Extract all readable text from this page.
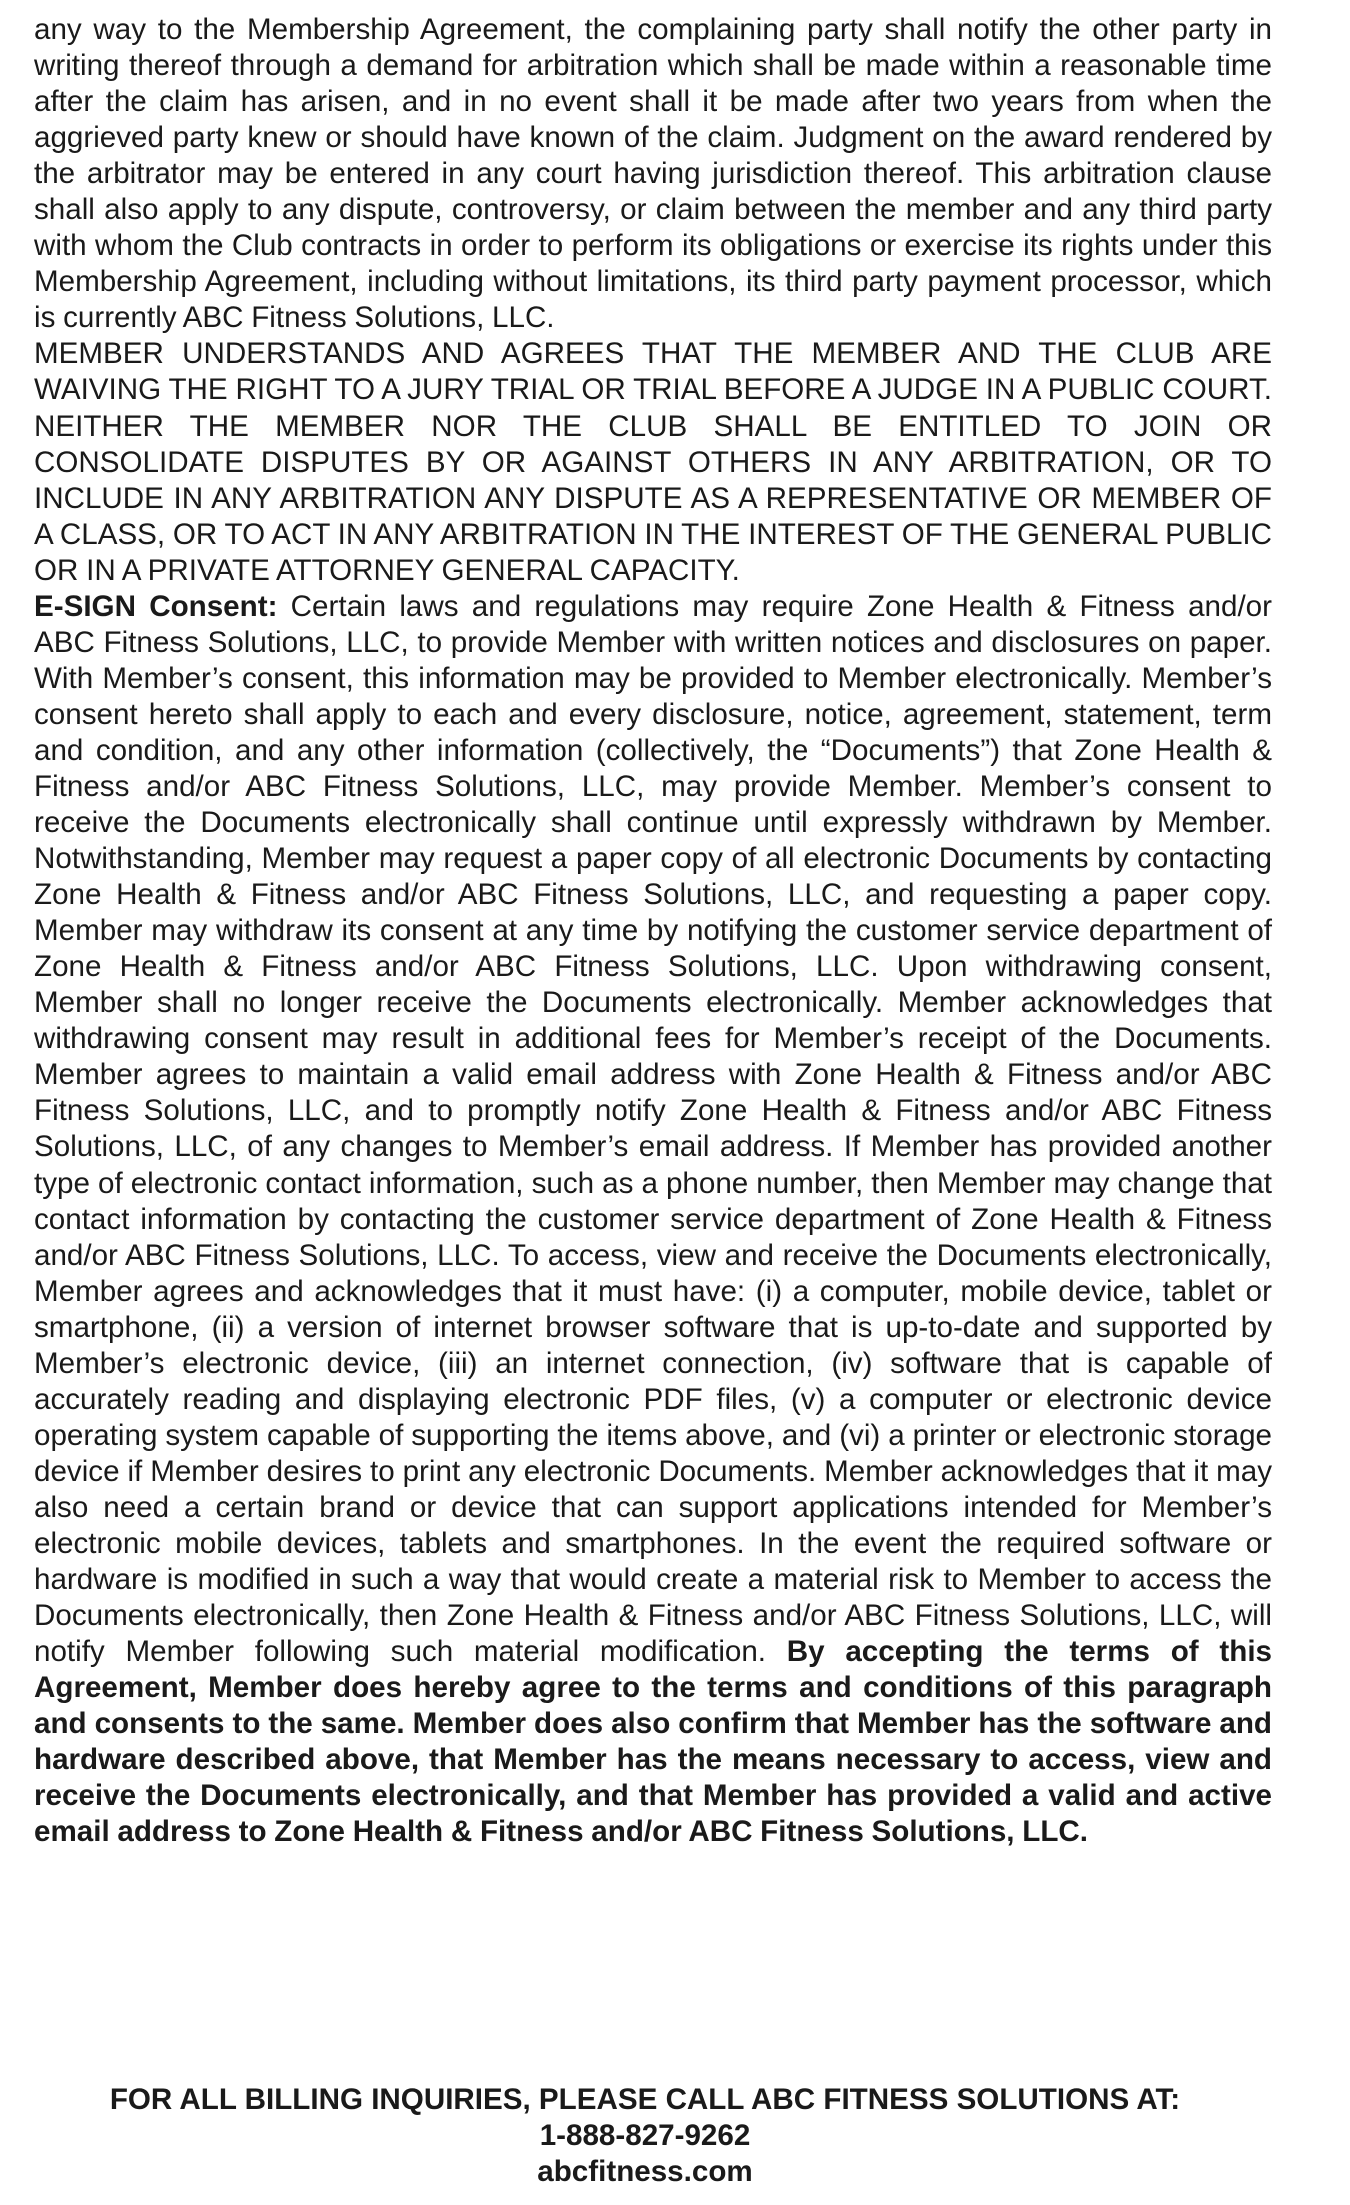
any way to the Membership Agreement, the complaining party shall notify the other party in writing thereof through a demand for arbitration which shall be made within a reasonable time after the claim has arisen, and in no event shall it be made after two years from when the aggrieved party knew or should have known of the claim. Judgment on the award rendered by the arbitrator may be entered in any court having jurisdiction thereof. This arbitration clause shall also apply to any dispute, controversy, or claim between the member and any third party with whom the Club contracts in order to perform its obligations or exercise its rights under this Membership Agreement, including without limitations, its third party payment processor, which is currently ABC Fitness Solutions, LLC.

MEMBER UNDERSTANDS AND AGREES THAT THE MEMBER AND THE CLUB ARE WAIVING THE RIGHT TO A JURY TRIAL OR TRIAL BEFORE A JUDGE IN A PUBLIC COURT. NEITHER THE MEMBER NOR THE CLUB SHALL BE ENTITLED TO JOIN OR CONSOLIDATE DISPUTES BY OR AGAINST OTHERS IN ANY ARBITRATION, OR TO INCLUDE IN ANY ARBITRATION ANY DISPUTE AS A REPRESENTATIVE OR MEMBER OF A CLASS, OR TO ACT IN ANY ARBITRATION IN THE INTEREST OF THE GENERAL PUBLIC OR IN A PRIVATE ATTORNEY GENERAL CAPACITY.

E-SIGN Consent: Certain laws and regulations may require Zone Health & Fitness and/or ABC Fitness Solutions, LLC, to provide Member with written notices and disclosures on paper. With Member’s consent, this information may be provided to Member electronically. Member’s consent hereto shall apply to each and every disclosure, notice, agreement, statement, term and condition, and any other information (collectively, the “Documents”) that Zone Health & Fitness and/or ABC Fitness Solutions, LLC, may provide Member. Member’s consent to receive the Documents electronically shall continue until expressly withdrawn by Member. Notwithstanding, Member may request a paper copy of all electronic Documents by contacting Zone Health & Fitness and/or ABC Fitness Solutions, LLC, and requesting a paper copy. Member may withdraw its consent at any time by notifying the customer service department of Zone Health & Fitness and/or ABC Fitness Solutions, LLC. Upon withdrawing consent, Member shall no longer receive the Documents electronically. Member acknowledges that withdrawing consent may result in additional fees for Member’s receipt of the Documents. Member agrees to maintain a valid email address with Zone Health & Fitness and/or ABC Fitness Solutions, LLC, and to promptly notify Zone Health & Fitness and/or ABC Fitness Solutions, LLC, of any changes to Member’s email address. If Member has provided another type of electronic contact information, such as a phone number, then Member may change that contact information by contacting the customer service department of Zone Health & Fitness and/or ABC Fitness Solutions, LLC. To access, view and receive the Documents electronically, Member agrees and acknowledges that it must have: (i) a computer, mobile device, tablet or smartphone, (ii) a version of internet browser software that is up-to-date and supported by Member’s electronic device, (iii) an internet connection, (iv) software that is capable of accurately reading and displaying electronic PDF files, (v) a computer or electronic device operating system capable of supporting the items above, and (vi) a printer or electronic storage device if Member desires to print any electronic Documents. Member acknowledges that it may also need a certain brand or device that can support applications intended for Member’s electronic mobile devices, tablets and smartphones. In the event the required software or hardware is modified in such a way that would create a material risk to Member to access the Documents electronically, then Zone Health & Fitness and/or ABC Fitness Solutions, LLC, will notify Member following such material modification. By accepting the terms of this Agreement, Member does hereby agree to the terms and conditions of this paragraph and consents to the same. Member does also confirm that Member has the software and hardware described above, that Member has the means necessary to access, view and receive the Documents electronically, and that Member has provided a valid and active email address to Zone Health & Fitness and/or ABC Fitness Solutions, LLC.

FOR ALL BILLING INQUIRIES, PLEASE CALL ABC FITNESS SOLUTIONS AT:
1-888-827-9262
abcfitness.com
